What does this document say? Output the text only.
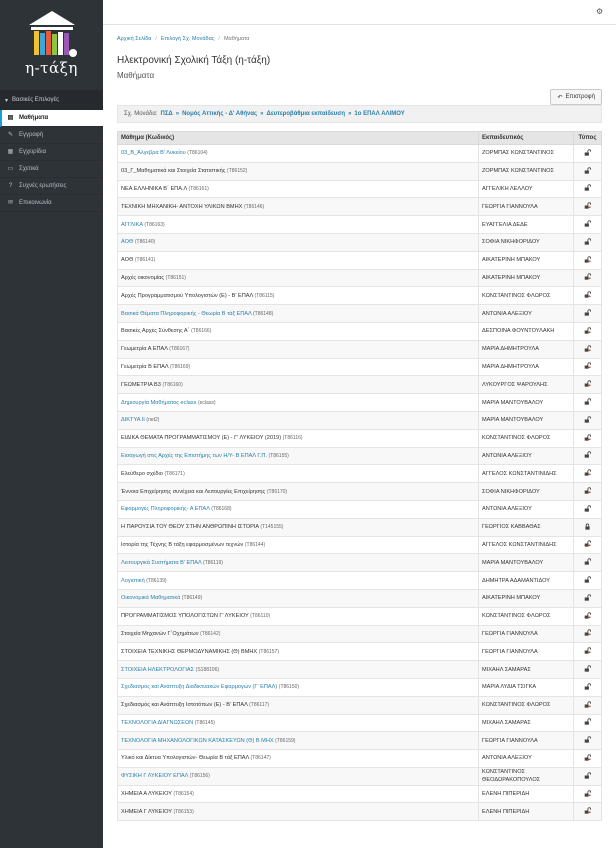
η-τάξη
▾ Βασικές Επιλογές
▤ Μαθήματα
✎ Εγγραφή
▦ Εγχειρίδια
▭ Σχετικά
?	Συχνές ερωτήσεις
✉ Επικοινωνία
⚙
Αρχική Σελίδα / Επιλογή Σχ. Μονάδας / Μαθήματα
Ηλεκτρονική Σχολική Τάξη (η-τάξη)
Μαθήματα
↶ Επιστροφή
Σχ. Μονάδα: ΠΣΔ » Νομός Αττικής - Δ' Αθήνας » Δευτεροβάθμια εκπαίδευση » 1ο ΕΠΑΛ ΑΛΙΜΟΥ
Μάθημα (Κωδικός)	Εκπαιδευτικός	Τύπος
03_Β_Άλγεβρα Β' Λυκείου (T86104)	ΖΟΡΜΠΑΣ ΚΩΝΣΤΑΝΤΙΝΟΣ	
03_Γ_Μαθηματικά και Στοιχεία Στατιστικής (T86152)	ΖΟΡΜΠΑΣ ΚΩΝΣΤΑΝΤΙΝΟΣ	
ΝΕΑ ΕΛΛΗΝΙΚΑ Β΄ ΕΠΑ.Λ (T86161)	ΑΓΓΕΛΙΚΗ ΛΕΛΛΟΥ	
ΤΕΧΝΙΚΗ ΜΗΧΑΝΙΚΗ- ΑΝΤΟΧΗ ΥΛΙΚΩΝ ΒΜΗΧ (T86146)	ΓΕΩΡΓΙΑ ΓΙΑΝΝΟΥΛΑ	
ΑΓΓΛΙΚΑ (T86163)	ΕΥΑΓΓΕΛΙΑ ΔΕΔΕ	
ΑΟΘ (T86140)	ΣΟΦΙΑ ΝΙΚΗΦΟΡΙΔΟΥ	
ΑΟΘ (T86141)	ΑΙΚΑΤΕΡΙΝΗ ΜΠΑΚΟΥ	
Αρχές οικονομίας (T86151)	ΑΙΚΑΤΕΡΙΝΗ ΜΠΑΚΟΥ	
Αρχές Προγραμματισμού Υπολογιστών (Ε) - Β' ΕΠΑΛ (T86115)	ΚΩΝΣΤΑΝΤΙΝΟΣ ΦΛΩΡΟΣ	
Βασικά Θέματα Πληροφορικής - Θεωρία Β τάξ ΕΠΑΛ (T86148)	ΑΝΤΩΝΙΑ ΑΛΕΞΙΟΥ	
Βασικές Αρχές Σύνθεσης Α΄ (T86166)	ΔΕΣΠΟΙΝΑ ΦΟΥΝΤΟΥΛΑΚΗ	
Γεωμετρία Α ΕΠΑΛ (T86167)	ΜΑΡΙΑ ΔΗΜΗΤΡΟΥΛΑ	
Γεωμετρία Β ΕΠΑΛ (T86169)	ΜΑΡΙΑ ΔΗΜΗΤΡΟΥΛΑ	
ΓΕΩΜΕΤΡΙΑ Β3 (T86160)	ΛΥΚΟΥΡΓΟΣ ΨΑΡΟΥΛΗΣ	
Δημιουργία Μαθήματος eclass (eclass)	ΜΑΡΙΑ ΜΑΝΤΟΥΒΑΛΟΥ	
ΔΙΚΤΥΑ ΙΙ (net2)	ΜΑΡΙΑ ΜΑΝΤΟΥΒΑΛΟΥ	
ΕΙΔΙΚΑ ΘΕΜΑΤΑ ΠΡΟΓΡΑΜΜΑΤΙΣΜΟΥ (Ε) - Γ' ΛΥΚΕΙΟΥ (2019) (T86116)	ΚΩΝΣΤΑΝΤΙΝΟΣ ΦΛΩΡΟΣ	
Εισαγωγή στις Αρχές της Επιστήμης των Η/Υ- Β ΕΠΑΛ Γ.Π. (T86155)	ΑΝΤΩΝΙΑ ΑΛΕΞΙΟΥ	
Ελεύθερο σχέδιο (T86171)	ΑΓΓΕΛΟΣ ΚΩΝΣΤΑΝΤΙΝΙΔΗΣ	
Έννοια Επιχείρησης συνέχεια και Λειτουργίες Επιχείρησης (T86170)	ΣΟΦΙΑ ΝΙΚΗΦΟΡΙΔΟΥ	
Εφαρμογές Πληροφορικής- Α ΕΠΑΛ (T86168)	ΑΝΤΩΝΙΑ ΑΛΕΞΙΟΥ	
Η ΠΑΡΟΥΣΙΑ ΤΟΥ ΘΕΟΥ ΣΤΗΝ ΑΝΘΡΩΠΙΝΗ ΙΣΤΟΡΙΑ (T145155)	ΓΕΩΡΓΙΟΣ ΚΑΒΒΑΘΑΣ	
Ιστορία της Τέχνης Β τάξη εφαρμοσμένων τεχνών (T86144)	ΑΓΓΕΛΟΣ ΚΩΝΣΤΑΝΤΙΝΙΔΗΣ	
Λειτουργικά Συστήματα Β' ΕΠΑΛ (T86119)	ΜΑΡΙΑ ΜΑΝΤΟΥΒΑΛΟΥ	
Λογιστική (T86139)	ΔΗΜΗΤΡΑ ΑΔΑΜΑΝΤΙΔΟΥ	
Οικονομικά Μαθηματικά (T86149)	ΑΙΚΑΤΕΡΙΝΗ ΜΠΑΚΟΥ	
ΠΡΟΓΡΑΜΜΑΤΙΣΜΟΣ ΥΠΟΛΟΓΙΣΤΩΝ Γ' ΛΥΚΕΙΟΥ (T86110)	ΚΩΝΣΤΑΝΤΙΝΟΣ ΦΛΩΡΟΣ	
Στοιχεία Μηχανών Γ΄Οχημάτων (T86142)	ΓΕΩΡΓΙΑ ΓΙΑΝΝΟΥΛΑ	
ΣΤΟΙΧΕΙΑ ΤΕΧΝΙΚΗΣ ΘΕΡΜΟΔΥΝΑΜΙΚΗΣ (Θ) ΒΜΗΧ (T86157)	ΓΕΩΡΓΙΑ ΓΙΑΝΝΟΥΛΑ	
ΣΤΟΙΧΕΙΑ ΗΛΕΚΤΡΟΛΟΓΙΑΣ (S188106)	ΜΙΧΑΗΛ ΣΑΜΑΡΑΣ	
Σχεδιασμός και Ανάπτυξη Διαδικτυακών Εφαρμογών (Γ' ΕΠΑΛ) (T86150)	ΜΑΡΙΑ ΛΥΔΙΑ ΤΣΙΓΚΑ	
Σχεδιασμός και Ανάπτυξη Ιστοτόπων (Ε) - Β' ΕΠΑΛ (T86117)	ΚΩΝΣΤΑΝΤΙΝΟΣ ΦΛΩΡΟΣ	
ΤΕΧΝΟΛΟΓΙΑ ΔΙΑΓΝΩΣΕΩΝ (T86145)	ΜΙΧΑΗΛ ΣΑΜΑΡΑΣ	
ΤΕΧΝΟΛΟΓΙΑ ΜΗΧΑΝΟΛΟΓΙΚΩΝ ΚΑΤΑΣΚΕΥΩΝ (Θ) Β ΜΗΧ (T86159)	ΓΕΩΡΓΙΑ ΓΙΑΝΝΟΥΛΑ	
Υλικό και Δίκτυα Υπολογιστών- Θεωρία Β τάξ ΕΠΑΛ (T86147)	ΑΝΤΩΝΙΑ ΑΛΕΞΙΟΥ	
ΦΥΣΙΚΗ Γ ΛΥΚΕΙΟΥ ΕΠΑΛ (T86156)	ΚΩΝΣΤΑΝΤΙΝΟΣ ΘΕΟΔΩΡΑΚΟΠΟΥΛΟΣ	
ΧΗΜΕΙΑ Α ΛΥΚΕΙΟΥ (T86154)	ΕΛΕΝΗ ΠΙΠΕΡΙΔΗ	
ΧΗΜΕΙΑ Γ ΛΥΚΕΙΟΥ (T86153)	ΕΛΕΝΗ ΠΙΠΕΡΙΔΗ	
